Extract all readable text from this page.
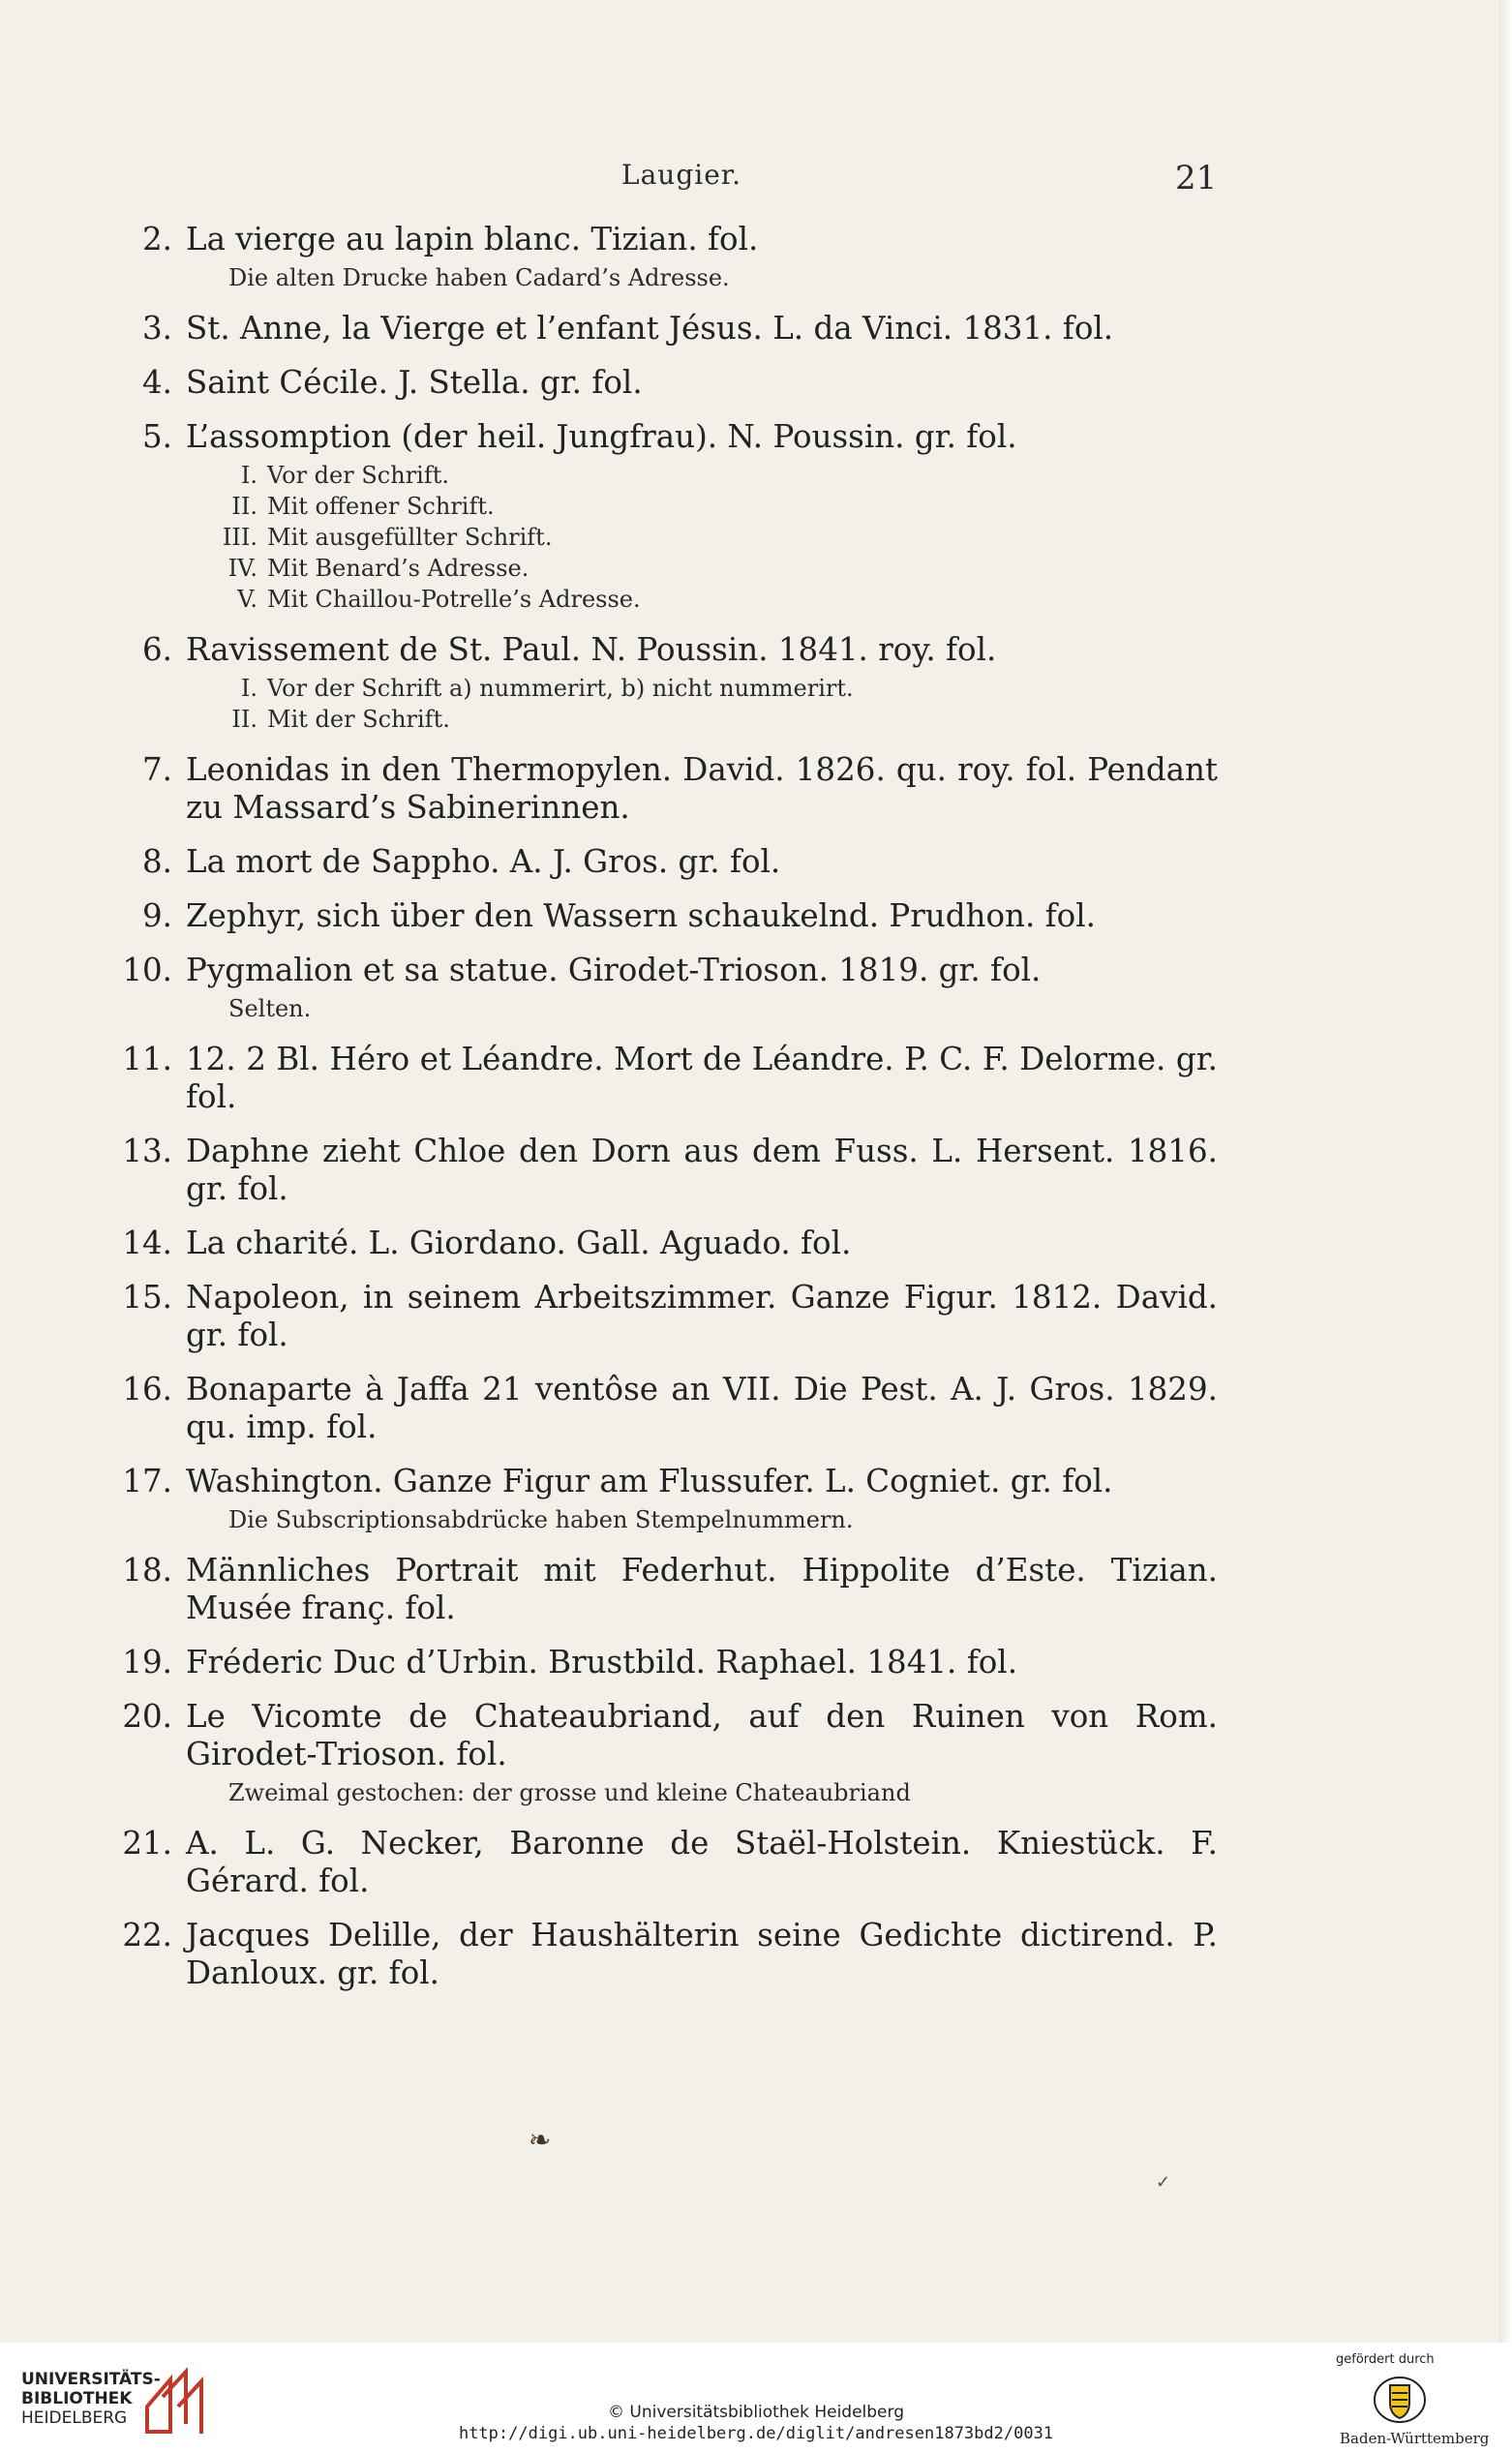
Laugier.	21
2. La vierge au lapin blanc. Tizian. fol.
Die alten Drucke haben Cadard’s Adresse.
3. St. Anne, la Vierge et l’enfant Jésus. L. da Vinci. 1831. fol.
4. Saint Cécile. J. Stella. gr. fol.
5. L’assomption (der heil. Jungfrau). N. Poussin. gr. fol.
I. Vor der Schrift.
II. Mit offener Schrift.
III. Mit ausgefüllter Schrift.
IV. Mit Benard’s Adresse.
V. Mit Chaillou-Potrelle’s Adresse.
6. Ravissement de St. Paul. N. Poussin. 1841. roy. fol.
I. Vor der Schrift a) nummerirt, b) nicht nummerirt.
II. Mit der Schrift.
7. Leonidas in den Thermopylen. David. 1826. qu. roy. fol. Pendant zu Massard’s Sabinerinnen.
8. La mort de Sappho. A. J. Gros. gr. fol.
9. Zephyr, sich über den Wassern schaukelnd. Prudhon. fol.
10. Pygmalion et sa statue. Girodet-Trioson. 1819. gr. fol.
Selten.
11. 12. 2 Bl. Héro et Léandre. Mort de Léandre. P. C. F. Delorme. gr. fol.
13. Daphne zieht Chloe den Dorn aus dem Fuss. L. Hersent. 1816. gr. fol.
14. La charité. L. Giordano. Gall. Aguado. fol.
15. Napoleon, in seinem Arbeitszimmer. Ganze Figur. 1812. David. gr. fol.
16. Bonaparte à Jaffa 21 ventôse an VII. Die Pest. A. J. Gros. 1829. qu. imp. fol.
17. Washington. Ganze Figur am Flussufer. L. Cogniet. gr. fol.
Die Subscriptionsabdrücke haben Stempelnummern.
18. Männliches Portrait mit Federhut. Hippolite d’Este. Tizian. Musée franç. fol.
19. Fréderic Duc d’Urbin. Brustbild. Raphael. 1841. fol.
20. Le Vicomte de Chateaubriand, auf den Ruinen von Rom. Girodet-Trioson. fol.
Zweimal gestochen: der grosse und kleine Chateaubriand
21. A. L. G. Necker, Baronne de Staël-Holstein. Kniestück. F. Gérard. fol.
22. Jacques Delille, der Haushälterin seine Gedichte dictirend. P. Danloux. gr. fol.
❧
✓
UNIVERSITÄTS-
BIBLIOTHEK
HEIDELBERG	© Universitätsbibliothek Heidelberg
http://digi.ub.uni-heidelberg.de/diglit/andresen1873bd2/0031
gefördert durch
Baden-Württemberg
